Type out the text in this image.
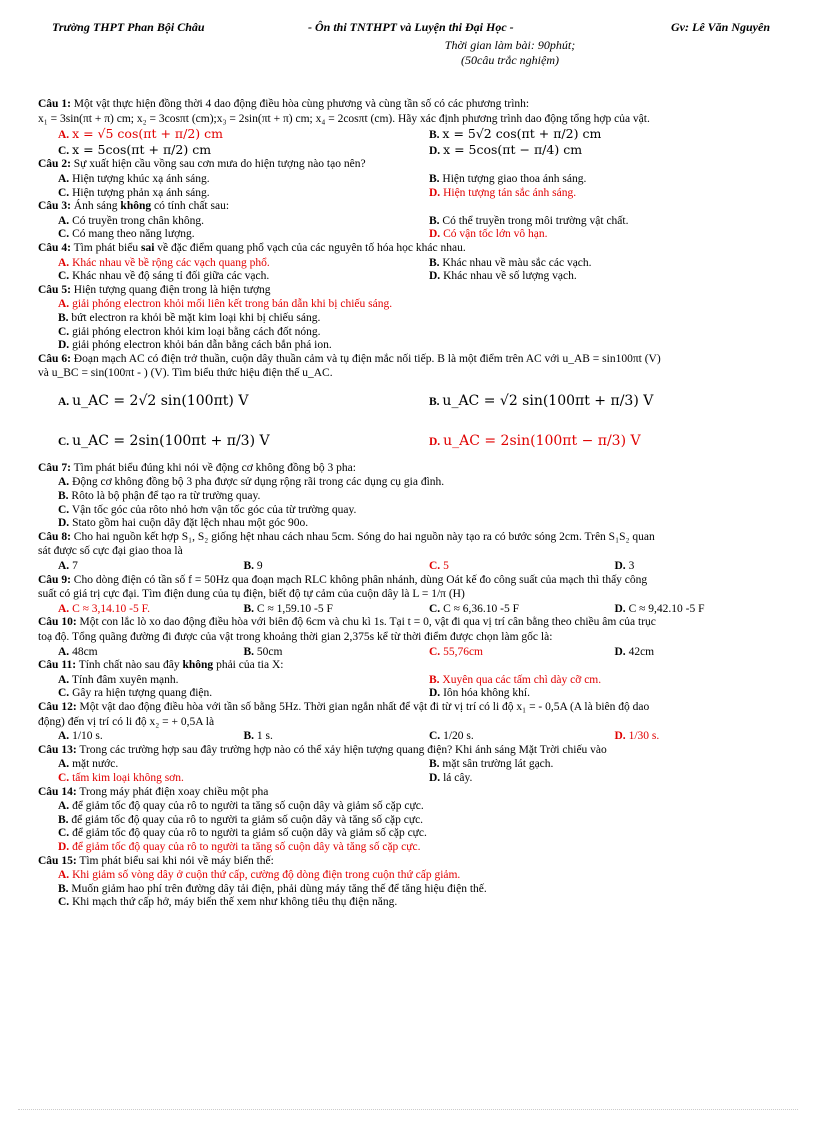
Trường THPT Phan Bội Châu	- Ôn thi TNTHPT và Luyện thi Đại Học -	Gv: Lê Văn Nguyên
Thời gian làm bài: 90phút;
(50câu trắc nghiệm)
Câu 1: Một vật thực hiện đồng thời 4 dao động điều hòa cùng phương và cùng tần số có các phương trình:
x₁ = 3sin(πt + π) cm; x₂ = 3cosπt (cm);x₃ = 2sin(πt + π) cm; x₄ = 2cosπt (cm). Hãy xác định phương trình dao động tổng hợp của vật.
A. x = √5 cos(πt + π/2) cm	B. x = 5√2 cos(πt + π/2) cm
C. x = 5cos(πt + π/2) cm	D. x = 5cos(πt − π/4) cm
Câu 2: Sự xuất hiện cầu vồng sau cơn mưa do hiện tượng nào tạo nên?
A. Hiện tượng khúc xạ ánh sáng.	B. Hiện tượng giao thoa ánh sáng.
C. Hiện tượng phản xạ ánh sáng.	D. Hiện tượng tán sắc ánh sáng.
Câu 3: Ánh sáng không có tính chất sau:
A. Có truyền trong chân không.	B. Có thể truyền trong môi trường vật chất.
C. Có mang theo năng lượng.	D. Có vận tốc lớn vô hạn.
Câu 4: Tìm phát biểu sai về đặc điểm quang phổ vạch của các nguyên tố hóa học khác nhau.
A. Khác nhau về bề rộng các vạch quang phổ.	B. Khác nhau về màu sắc các vạch.
C. Khác nhau về độ sáng tỉ đối giữa các vạch.	D. Khác nhau về số lượng vạch.
Câu 5: Hiện tượng quang điện trong là hiện tượng
A. giải phóng electron khỏi mối liên kết trong bán dẫn khi bị chiếu sáng.
B. bứt electron ra khỏi bề mặt kim loại khi bị chiếu sáng.
C. giải phóng electron khỏi kim loại bằng cách đốt nóng.
D. giải phóng electron khỏi bán dẫn bằng cách bắn phá ion.
Câu 6: Đoạn mạch AC có điện trở thuần, cuộn dây thuần cảm và tụ điện mắc nối tiếp. B là một điểm trên AC với u_AB = sin100πt (V)
và u_BC = sin(100πt - ) (V). Tìm biểu thức hiệu điện thế u_AC.
A. u_AC = 2√2 sin(100πt) V	B. u_AC = √2 sin(100πt + π/3) V
C. u_AC = 2sin(100πt + π/3) V	D. u_AC = 2sin(100πt − π/3) V
Câu 7: Tìm phát biểu đúng khi nói về động cơ không đồng bộ 3 pha:
A. Động cơ không đồng bộ 3 pha được sử dụng rộng rãi trong các dụng cụ gia đình.
B. Rôto là bộ phận để tạo ra từ trường quay.
C. Vận tốc góc của rôto nhỏ hơn vận tốc góc của từ trường quay.
D. Stato gồm hai cuộn dây đặt lệch nhau một góc 90o.
Câu 8: Cho hai nguồn kết hợp S₁, S₂ giống hệt nhau cách nhau 5cm. Sóng do hai nguồn này tạo ra có bước sóng 2cm. Trên S₁S₂ quan
sát được số cực đại giao thoa là
A. 7	B. 9	C. 5	D. 3
Câu 9: Cho dòng điện có tần số f = 50Hz qua đoạn mạch RLC không phân nhánh, dùng Oát kế đo công suất của mạch thì thấy công
suất có giá trị cực đại. Tìm điện dung của tụ điện, biết độ tự cảm của cuộn dây là L = 1/π (H)
A. C ≈ 3,14.10 -5 F.	B. C ≈ 1,59.10 -5 F	C. C ≈ 6,36.10 -5 F	D. C ≈ 9,42.10 -5 F
Câu 10: Một con lắc lò xo dao động điều hòa với biên độ 6cm và chu kì 1s. Tại t = 0, vật đi qua vị trí cân bằng theo chiều âm của trục
toạ độ. Tổng quãng đường đi được của vật trong khoảng thời gian 2,375s kể từ thời điểm được chọn làm gốc là:
A. 48cm	B. 50cm	C. 55,76cm	D. 42cm
Câu 11: Tính chất nào sau đây không phải của tia X:
A. Tính đâm xuyên mạnh.	B. Xuyên qua các tấm chì dày cỡ cm.
C. Gây ra hiện tượng quang điện.	D. Iôn hóa không khí.
Câu 12: Một vật dao động điều hòa với tần số bằng 5Hz. Thời gian ngắn nhất để vật đi từ vị trí có li độ x₁ = - 0,5A (A là biên độ dao
động) đến vị trí có li độ x₂ = + 0,5A là
A. 1/10 s.	B. 1 s.	C. 1/20 s.	D. 1/30 s.
Câu 13: Trong các trường hợp sau đây trường hợp nào có thể xảy hiện tượng quang điện? Khi ánh sáng Mặt Trời chiếu vào
A. mặt nước.	B. mặt sân trường lát gạch.
C. tấm kim loại không sơn.	D. lá cây.
Câu 14: Trong máy phát điện xoay chiều một pha
A. để giảm tốc độ quay của rô to người ta tăng số cuộn dây và giảm số cặp cực.
B. để giảm tốc độ quay của rô to người ta giảm số cuộn dây và tăng số cặp cực.
C. để giảm tốc độ quay của rô to người ta giảm số cuộn dây và giảm số cặp cực.
D. để giảm tốc độ quay của rô to người ta tăng số cuộn dây và tăng số cặp cực.
Câu 15: Tìm phát biểu sai khi nói về máy biến thế:
A. Khi giảm số vòng dây ở cuộn thứ cấp, cường độ dòng điện trong cuộn thứ cấp giảm.
B. Muốn giảm hao phí trên đường dây tải điện, phải dùng máy tăng thế để tăng hiệu điện thế.
C. Khi mạch thứ cấp hở, máy biến thế xem như không tiêu thụ điện năng.
